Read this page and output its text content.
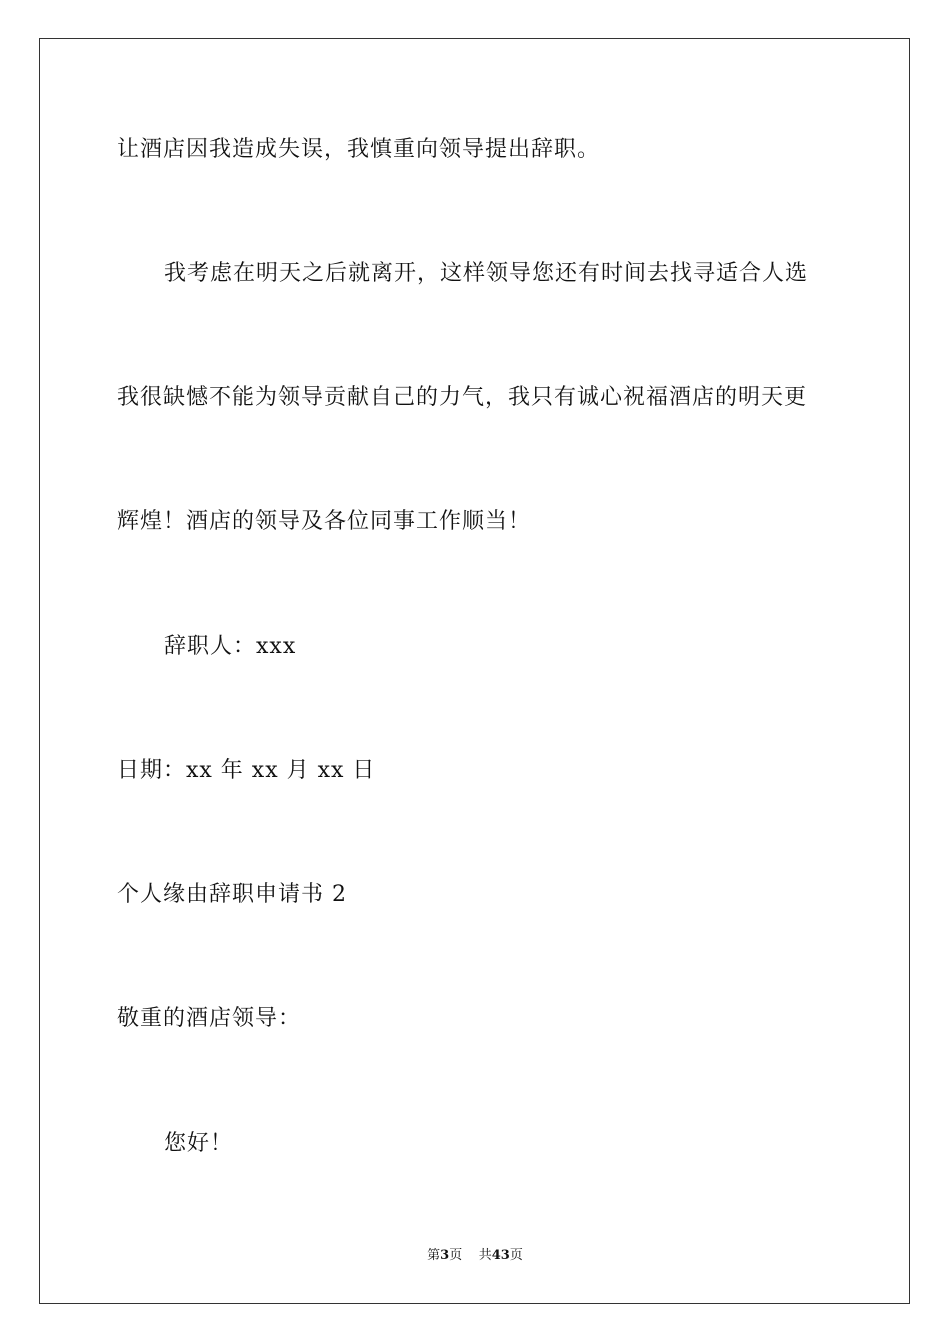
让酒店因我造成失误，我慎重向领导提出辞职。
我考虑在明天之后就离开，这样领导您还有时间去找寻适合人选
我很缺憾不能为领导贡献自己的力气，我只有诚心祝福酒店的明天更
辉煌！酒店的领导及各位同事工作顺当！
辞职人：xxx
日期：xx 年 xx 月 xx 日
个人缘由辞职申请书 2
敬重的酒店领导：
您好！
第3页 共43页
